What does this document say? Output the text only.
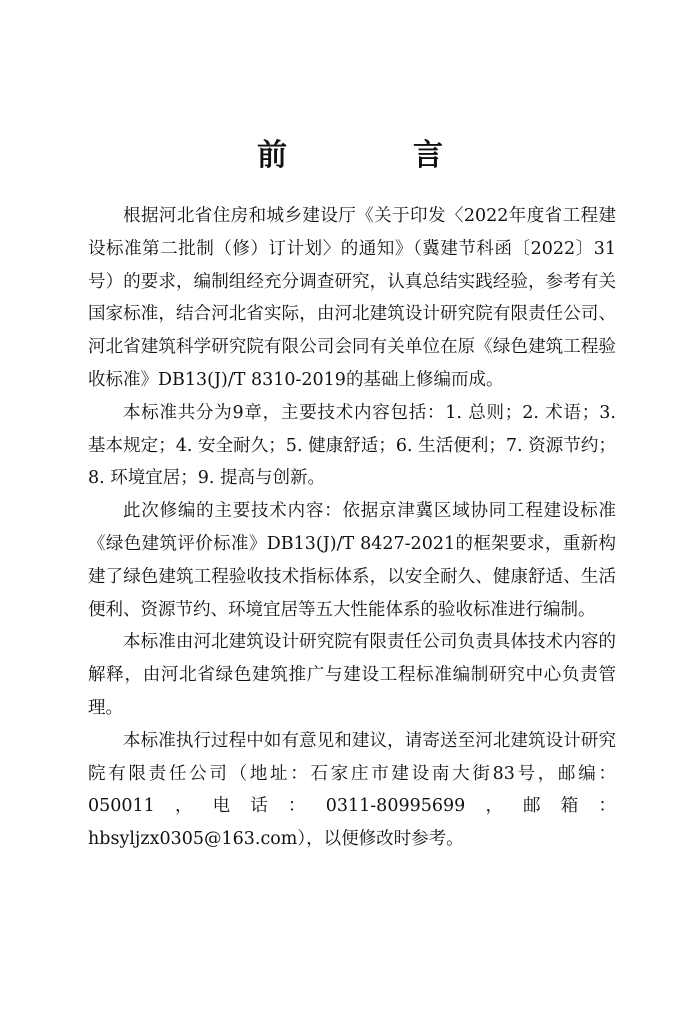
前　言

根据河北省住房和城乡建设厅《关于印发〈2022年度省工程建设标准第二批制（修）订计划〉的通知》（冀建节科函〔2022〕31号）的要求，编制组经充分调查研究，认真总结实践经验，参考有关国家标准，结合河北省实际，由河北建筑设计研究院有限责任公司、河北省建筑科学研究院有限公司会同有关单位在原《绿色建筑工程验收标准》DB13(J)/T 8310-2019的基础上修编而成。

本标准共分为9章，主要技术内容包括：1. 总则；2. 术语；3. 基本规定；4. 安全耐久；5. 健康舒适；6. 生活便利；7. 资源节约；8. 环境宜居；9. 提高与创新。

此次修编的主要技术内容：依据京津冀区域协同工程建设标准《绿色建筑评价标准》DB13(J)/T 8427-2021的框架要求，重新构建了绿色建筑工程验收技术指标体系，以安全耐久、健康舒适、生活便利、资源节约、环境宜居等五大性能体系的验收标准进行编制。

本标准由河北建筑设计研究院有限责任公司负责具体技术内容的解释，由河北省绿色建筑推广与建设工程标准编制研究中心负责管理。

本标准执行过程中如有意见和建议，请寄送至河北建筑设计研究院有限责任公司（地址：石家庄市建设南大街83号，邮编：050011，电话：0311-80995699，邮箱：hbsyljzx0305@163.com），以便修改时参考。
